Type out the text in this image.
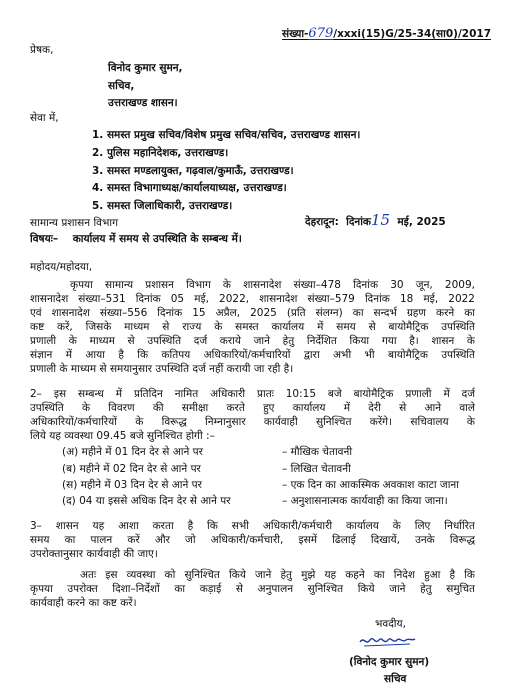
संख्या-679/xxxi(15)G/25-34(सा0)/2017
प्रेषक,
विनोद कुमार सुमन,
सचिव,
उत्तराखण्ड शासन।
सेवा में,
1. समस्त प्रमुख सचिव/विशेष प्रमुख सचिव/सचिव, उत्तराखण्ड शासन।
2. पुलिस महानिदेशक, उत्तराखण्ड।
3. समस्त मण्डलायुक्त, गढ़वाल/कुमाऊँ, उत्तराखण्ड।
4. समस्त विभागाध्यक्ष/कार्यालयाध्यक्ष, उत्तराखण्ड।
5. समस्त जिलाधिकारी, उत्तराखण्ड।
सामान्य प्रशासन विभाग	देहरादून: दिनांक15 मई, 2025
विषयः– कार्यालय में समय से उपस्थिति के सम्बन्ध में।
महोदय/महोदया,
कृपया सामान्य प्रशासन विभाग के शासनादेश संख्या–478 दिनांक 30 जून, 2009,
शासनादेश संख्या–531 दिनांक 05 मई, 2022, शासनादेश संख्या–579 दिनांक 18 मई, 2022
एवं शासनादेश संख्या–556 दिनांक 15 अप्रैल, 2025 (प्रति संलग्न) का सन्दर्भ ग्रहण करने का
कष्ट करें, जिसके माध्यम से राज्य के समस्त कार्यालय में समय से बायोमैट्रिक उपस्थिति
प्रणाली के माध्यम से उपस्थिति दर्ज कराये जाने हेतु निर्देशित किया गया है। शासन के
संज्ञान में आया है कि कतिपय अधिकारियों/कर्मचारियों द्वारा अभी भी बायोमैट्रिक उपस्थिति
प्रणाली के माध्यम से समयानुसार उपस्थिति दर्ज नहीं करायी जा रही है।
2– इस सम्बन्ध में प्रतिदिन नामित अधिकारी प्रातः 10:15 बजे बायोमैट्रिक प्रणाली में दर्ज
उपस्थिति के विवरण की समीक्षा करते हुए कार्यालय में देरी से आने वाले
अधिकारियों/कर्मचारियों के विरूद्ध निम्नानुसार कार्यवाही सुनिश्चित करेंगे। सचिवालय के
लिये यह व्यवस्था 09.45 बजे सुनिश्चित होगी :–
(अ) महीने में 01 दिन देर से आने पर	– मौखिक चेतावनी
(ब) महीने में 02 दिन देर से आने पर	– लिखित चेतावनी
(स) महीने में 03 दिन देर से आने पर	– एक दिन का आकस्मिक अवकाश काटा जाना
(द) 04 या इससे अधिक दिन देर से आने पर	– अनुशासनात्मक कार्यवाही का किया जाना।
3– शासन यह आशा करता है कि सभी अधिकारी/कर्मचारी कार्यालय के लिए निर्धारित
समय का पालन करें और जो अधिकारी/कर्मचारी, इसमें ढिलाई दिखायें, उनके विरूद्ध
उपरोक्तानुसार कार्यवाही की जाए।
अतः इस व्यवस्था को सुनिश्चित किये जाने हेतु मुझे यह कहने का निदेश हुआ है कि
कृपया उपरोक्त दिशा–निर्देशों का कड़ाई से अनुपालन सुनिश्चित किये जाने हेतु समुचित
कार्यवाही करने का कष्ट करें।
भवदीय,
(विनोद कुमार सुमन)
सचिव
